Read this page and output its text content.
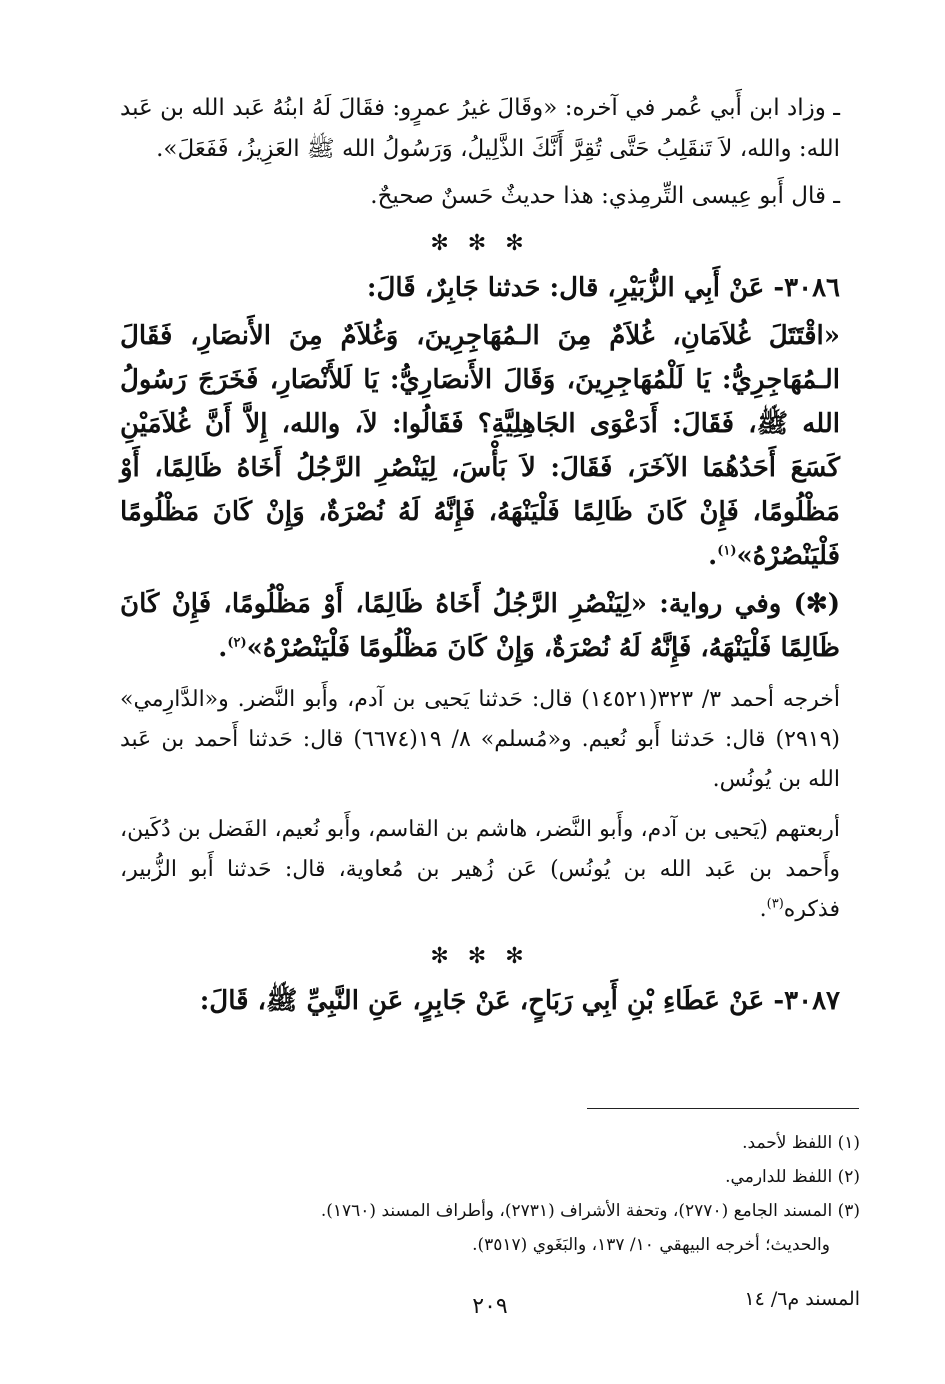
ـ وزاد ابن أَبي عُمر في آخره: «وقَالَ غيرُ عمرٍو: فقَالَ لَهُ ابنُهُ عَبد الله بن عَبد الله: والله، لاَ تَنقَلِبُ حَتَّى تُقِرَّ أَنَّكَ الذَّلِيلُ، وَرَسُولُ الله ﷺ العَزِيزُ، فَفَعَلَ».

ـ قال أَبو عِيسى التِّرمِذي: هذا حديثٌ حَسنٌ صحيحٌ.

✻ ✻ ✻

٣٠٨٦- عَنْ أَبِي الزُّبَيْرِ، قال: حَدثنا جَابِرٌ، قَالَ:

«اقْتَتَلَ غُلاَمَانِ، غُلاَمٌ مِنَ الـمُهَاجِرِينَ، وَغُلاَمٌ مِنَ الأَنصَارِ، فَقَالَ الـمُهَاجِرِيُّ: يَا لَلْمُهَاجِرِينَ، وَقَالَ الأَنصَارِيُّ: يَا لَلأَنْصَارِ، فَخَرَجَ رَسُولُ الله ﷺ، فَقَالَ: أَدَعْوَى الجَاهِلِيَّةِ؟ فَقَالُوا: لاَ، والله، إِلاَّ أَنَّ غُلاَمَيْنِ كَسَعَ أَحَدُهُمَا الآخَرَ، فَقَالَ: لاَ بَأْسَ، لِيَنْصُرِ الرَّجُلُ أَخَاهُ ظَالِمًا، أَوْ مَظْلُومًا، فَإِنْ كَانَ ظَالِمًا فَلْيَنْهَهُ، فَإِنَّهُ لَهُ نُصْرَةٌ، وَإِنْ كَانَ مَظْلُومًا فَلْيَنْصُرْهُ»$^{(١)}$.

(✻) وفي رواية: «لِيَنْصُرِ الرَّجُلُ أَخَاهُ ظَالِمًا، أَوْ مَظْلُومًا، فَإِنْ كَانَ ظَالِمًا فَلْيَنْهَهُ، فَإِنَّهُ لَهُ نُصْرَةٌ، وَإِنْ كَانَ مَظْلُومًا فَلْيَنْصُرْهُ»$^{(٢)}$.

أخرجه أحمد ٣/ ٣٢٣(١٤٥٢١) قال: حَدثنا يَحيى بن آدم، وأَبو النَّضر. و«الدَّارِمي» (٢٩١٩) قال: حَدثنا أَبو نُعيم. و«مُسلم» ٨/ ١٩(٦٦٧٤) قال: حَدثنا أَحمد بن عَبد الله بن يُونُس.

أربعتهم (يَحيى بن آدم، وأَبو النَّضر، هاشم بن القاسم، وأَبو نُعيم، الفَضل بن دُكَين، وأَحمد بن عَبد الله بن يُونُس) عَن زُهير بن مُعاوية، قال: حَدثنا أَبو الزُّبير، فذكره$^{(٣)}$.

✻ ✻ ✻

٣٠٨٧- عَنْ عَطَاءِ بْنِ أَبِي رَبَاحٍ، عَنْ جَابِرٍ، عَنِ النَّبِيِّ ﷺ، قَالَ:

(١) اللفظ لأحمد.

(٢) اللفظ للدارمي.

(٣) المسند الجامع (٢٧٧٠)، وتحفة الأشراف (٢٧٣١)، وأطراف المسند (١٧٦٠).

والحديث؛ أخرجه البيهقي ١٠/ ١٣٧، والبَغَوي (٣٥١٧).

المسند م٦/ ١٤
٢٠٩
